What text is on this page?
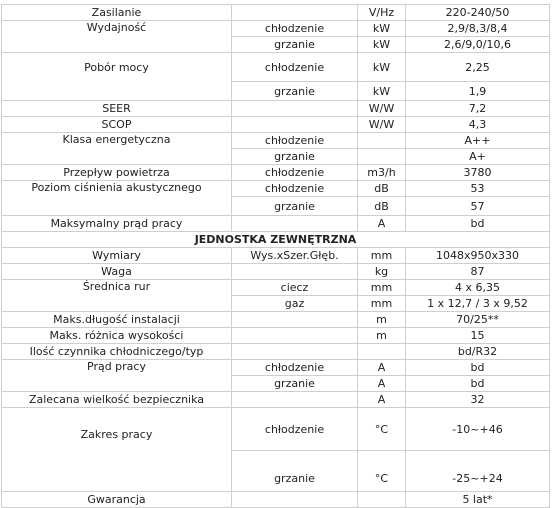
Zasilanie		V/Hz	220-240/50
Wydajność	chłodzenie	kW	2,9/8,3/8,4
	grzanie	kW	2,6/9,0/10,6
Pobór mocy	chłodzenie	kW	2,25
	grzanie	kW	1,9
SEER		W/W	7,2
SCOP		W/W	4,3
Klasa energetyczna	chłodzenie		A++
	grzanie		A+
Przepływ powietrza	chłodzenie	m3/h	3780
Poziom ciśnienia akustycznego	chłodzenie	dB	53
	grzanie	dB	57
Maksymalny prąd pracy		A	bd
JEDNOSTKA ZEWNĘTRZNA			
Wymiary	Wys.xSzer.Głęb.	mm	1048x950x330
Waga		kg	87
Średnica rur	ciecz	mm	4 x 6,35
	gaz	mm	1 x 12,7 / 3 x 9,52
Maks.długość instalacji		m	70/25**
Maks. różnica wysokości		m	15
Ilość czynnika chłodniczego/typ			bd/R32
Prąd pracy	chłodzenie	A	bd
	grzanie	A	bd
Zalecana wielkość bezpiecznika		A	32
Zakres pracy	chłodzenie	°C	-10~+46
	grzanie	°C	-25~+24
Gwarancja			5 lat*
